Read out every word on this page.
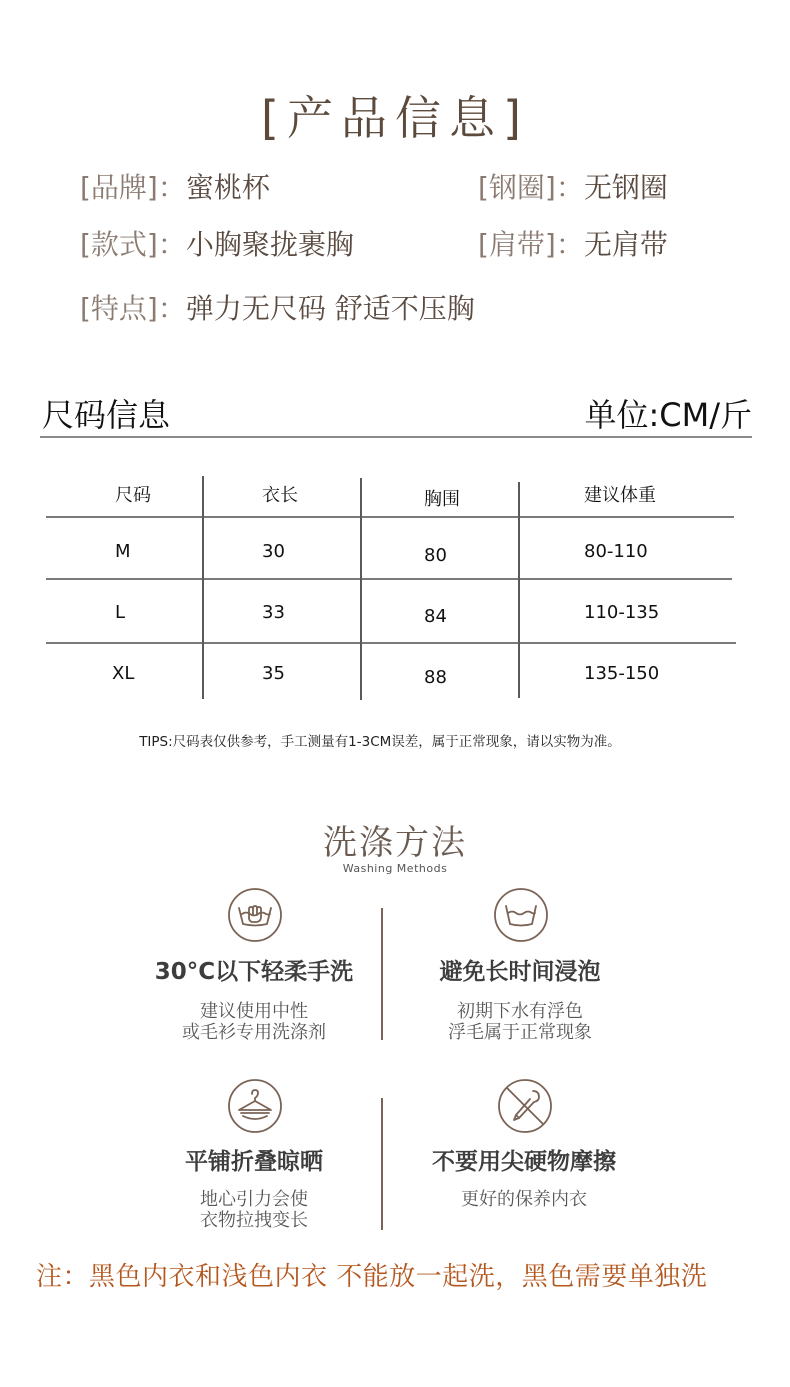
[产品信息]
[品牌]：蜜桃杯	[钢圈]：无钢圈
[款式]：小胸聚拢裹胸	[肩带]：无肩带
[特点]：弹力无尺码 舒适不压胸
尺码信息	单位:CM/斤
尺码	衣长	胸围	建议体重
M	30	80	80-110
L	33	84	110-135
XL	35	88	135-150
TIPS:尺码表仅供参考，手工测量有1-3CM误差，属于正常现象，请以实物为准。
洗涤方法
Washing Methods
30°C以下轻柔手洗
建议使用中性
或毛衫专用洗涤剂
避免长时间浸泡
初期下水有浮色
浮毛属于正常现象
平铺折叠晾晒
地心引力会使
衣物拉拽变长
不要用尖硬物摩擦
更好的保养内衣
注：黑色内衣和浅色内衣 不能放一起洗，黑色需要单独洗
